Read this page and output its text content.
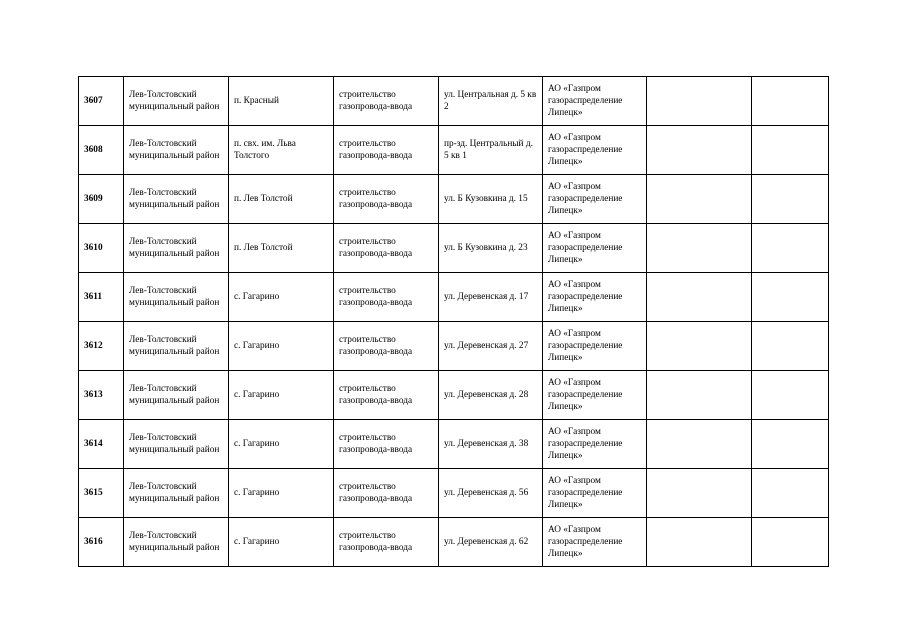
3607	Лев-Толстовский муниципальный район	п. Красный	строительство газопровода-ввода	ул. Центральная д. 5 кв 2	АО «Газпром газораспределение Липецк»		
3608	Лев-Толстовский муниципальный район	п. свх. им. Льва Толстого	строительство газопровода-ввода	пр-зд. Центральный д. 5 кв 1	АО «Газпром газораспределение Липецк»		
3609	Лев-Толстовский муниципальный район	п. Лев Толстой	строительство газопровода-ввода	ул. Б Кузовкина д. 15	АО «Газпром газораспределение Липецк»		
3610	Лев-Толстовский муниципальный район	п. Лев Толстой	строительство газопровода-ввода	ул. Б Кузовкина д. 23	АО «Газпром газораспределение Липецк»		
3611	Лев-Толстовский муниципальный район	с. Гагарино	строительство газопровода-ввода	ул. Деревенская д. 17	АО «Газпром газораспределение Липецк»		
3612	Лев-Толстовский муниципальный район	с. Гагарино	строительство газопровода-ввода	ул. Деревенская д. 27	АО «Газпром газораспределение Липецк»		
3613	Лев-Толстовский муниципальный район	с. Гагарино	строительство газопровода-ввода	ул. Деревенская д. 28	АО «Газпром газораспределение Липецк»		
3614	Лев-Толстовский муниципальный район	с. Гагарино	строительство газопровода-ввода	ул. Деревенская д. 38	АО «Газпром газораспределение Липецк»		
3615	Лев-Толстовский муниципальный район	с. Гагарино	строительство газопровода-ввода	ул. Деревенская д. 56	АО «Газпром газораспределение Липецк»		
3616	Лев-Толстовский муниципальный район	с. Гагарино	строительство газопровода-ввода	ул. Деревенская д. 62	АО «Газпром газораспределение Липецк»		
